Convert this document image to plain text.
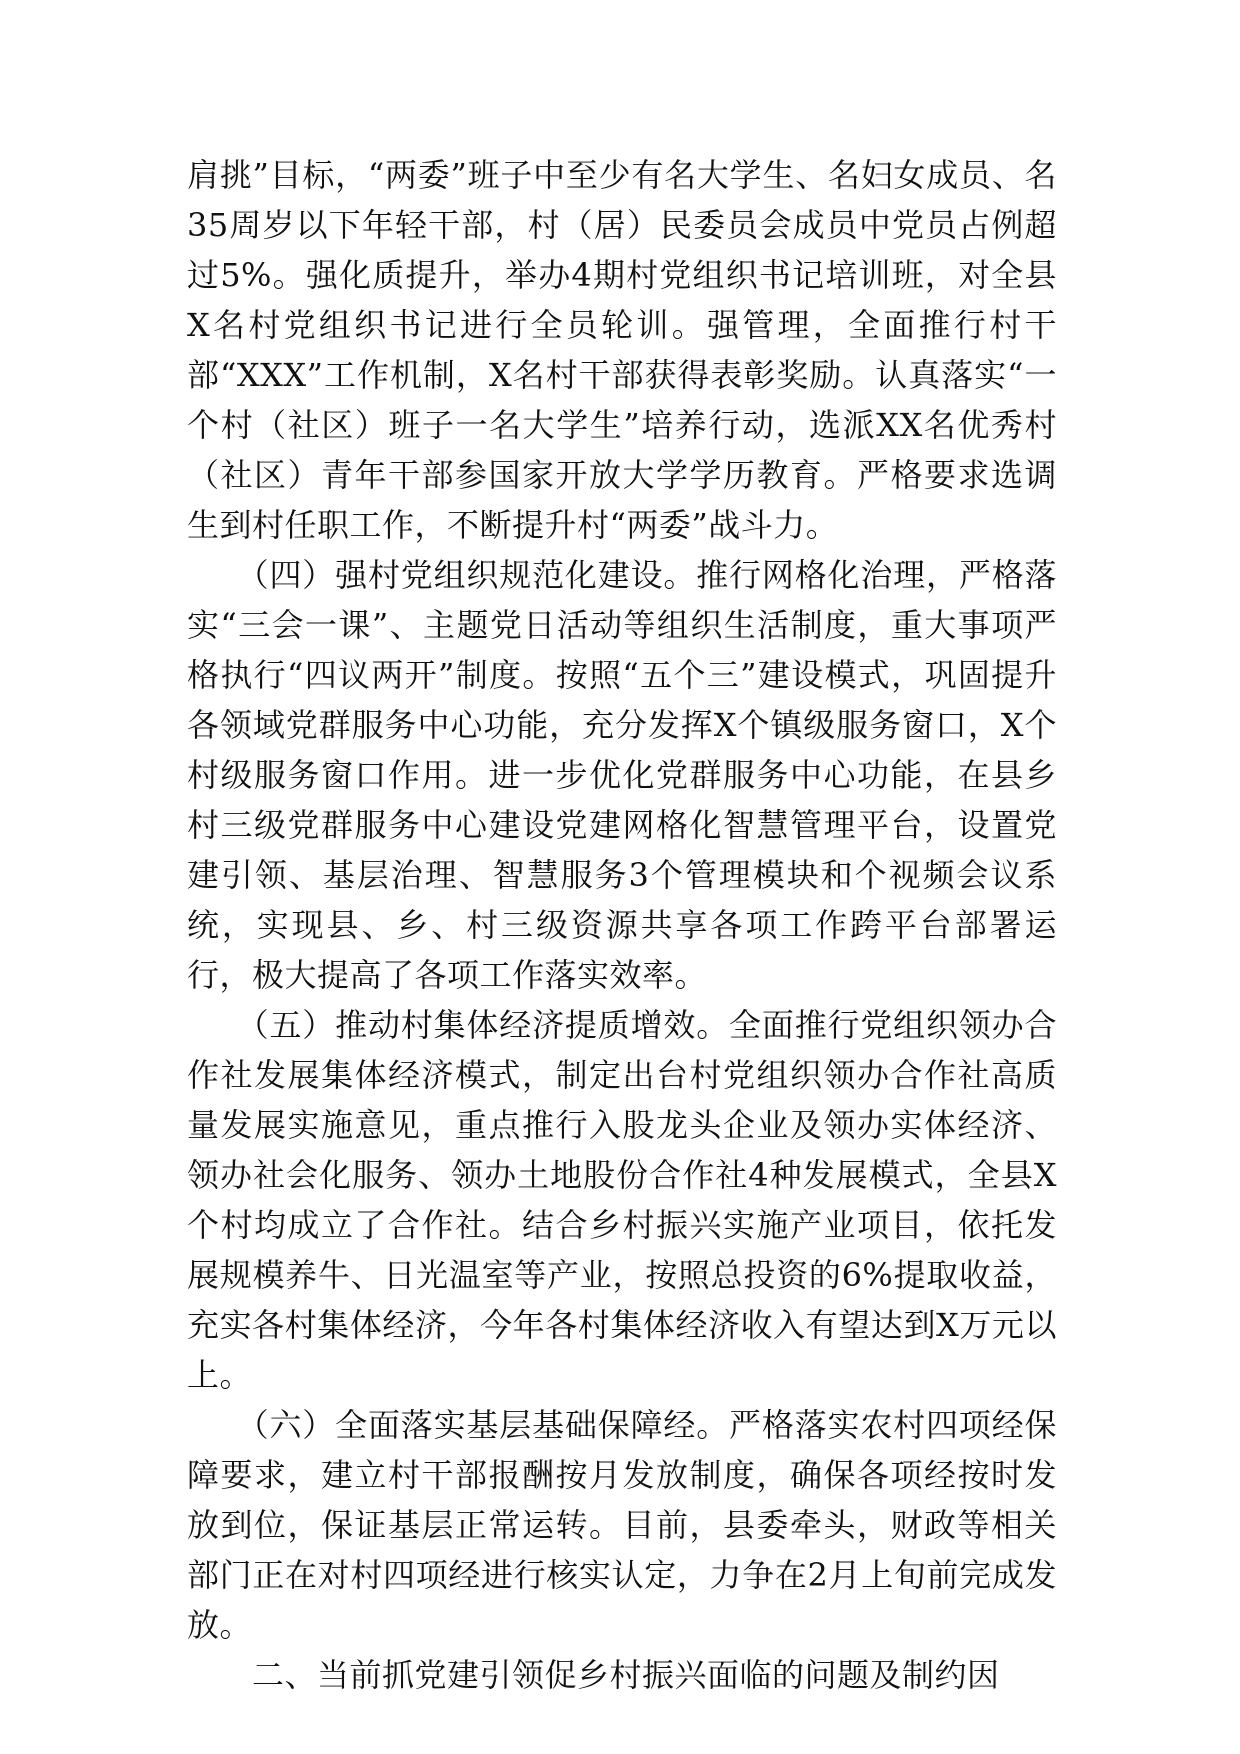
肩挑”目标，“两委”班子中至少有名大学生、名妇女成员、名35周岁以下年轻干部，村（居）民委员会成员中党员占例超过5%。强化质提升，举办4期村党组织书记培训班，对全县X名村党组织书记进行全员轮训。强管理，全面推行村干部“XXX”工作机制，X名村干部获得表彰奖励。认真落实“一个村（社区）班子一名大学生”培养行动，选派XX名优秀村（社区）青年干部参国家开放大学学历教育。严格要求选调生到村任职工作，不断提升村“两委”战斗力。

　　（四）强村党组织规范化建设。推行网格化治理，严格落实“三会一课”、主题党日活动等组织生活制度，重大事项严格执行“四议两开”制度。按照“五个三”建设模式，巩固提升各领域党群服务中心功能，充分发挥X个镇级服务窗口，X个村级服务窗口作用。进一步优化党群服务中心功能，在县乡村三级党群服务中心建设党建网格化智慧管理平台，设置党建引领、基层治理、智慧服务3个管理模块和个视频会议系统，实现县、乡、村三级资源共享各项工作跨平台部署运行，极大提高了各项工作落实效率。

　　（五）推动村集体经济提质增效。全面推行党组织领办合作社发展集体经济模式，制定出台村党组织领办合作社高质量发展实施意见，重点推行入股龙头企业及领办实体经济、领办社会化服务、领办土地股份合作社4种发展模式，全县X个村均成立了合作社。结合乡村振兴实施产业项目，依托发展规模养牛、日光温室等产业，按照总投资的6%提取收益，充实各村集体经济，今年各村集体经济收入有望达到X万元以上。

　　（六）全面落实基层基础保障经。严格落实农村四项经保障要求，建立村干部报酬按月发放制度，确保各项经按时发放到位，保证基层正常运转。目前，县委牵头，财政等相关部门正在对村四项经进行核实认定，力争在2月上旬前完成发放。

　　二、当前抓党建引领促乡村振兴面临的问题及制约因
